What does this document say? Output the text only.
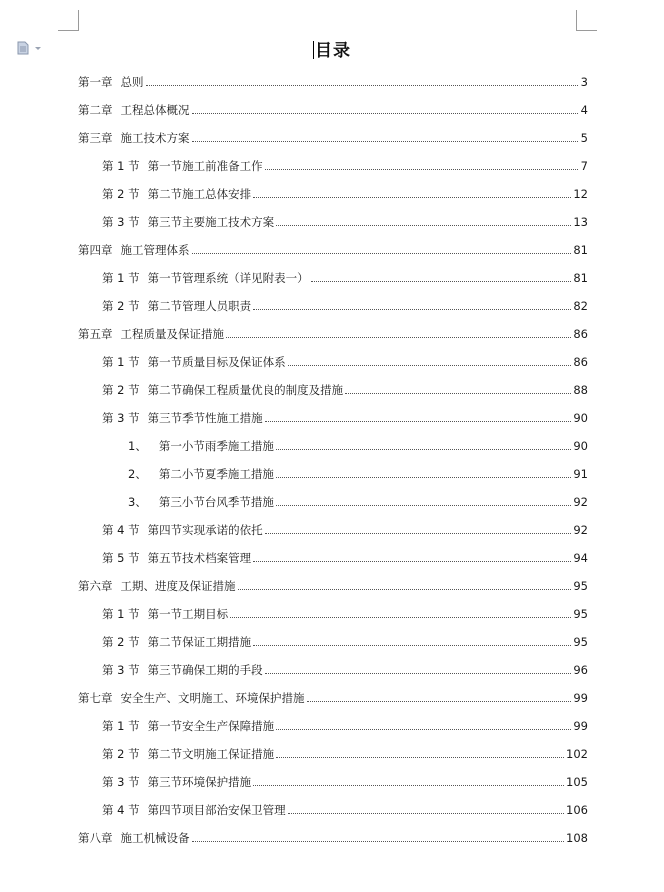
目录
第一章 总则	3
第二章 工程总体概况	4
第三章 施工技术方案	5
第 1 节 第一节施工前准备工作	7
第 2 节 第二节施工总体安排	12
第 3 节 第三节主要施工技术方案	13
第四章 施工管理体系	81
第 1 节 第一节管理系统（详见附表一）	81
第 2 节 第二节管理人员职责	82
第五章 工程质量及保证措施	86
第 1 节 第一节质量目标及保证体系	86
第 2 节 第二节确保工程质量优良的制度及措施	88
第 3 节 第三节季节性施工措施	90
1、 第一小节雨季施工措施	90
2、 第二小节夏季施工措施	91
3、 第三小节台风季节措施	92
第 4 节 第四节实现承诺的依托	92
第 5 节 第五节技术档案管理	94
第六章 工期、进度及保证措施	95
第 1 节 第一节工期目标	95
第 2 节 第二节保证工期措施	95
第 3 节 第三节确保工期的手段	96
第七章 安全生产、文明施工、环境保护措施	99
第 1 节 第一节安全生产保障措施	99
第 2 节 第二节文明施工保证措施	102
第 3 节 第三节环境保护措施	105
第 4 节 第四节项目部治安保卫管理	106
第八章 施工机械设备	108
